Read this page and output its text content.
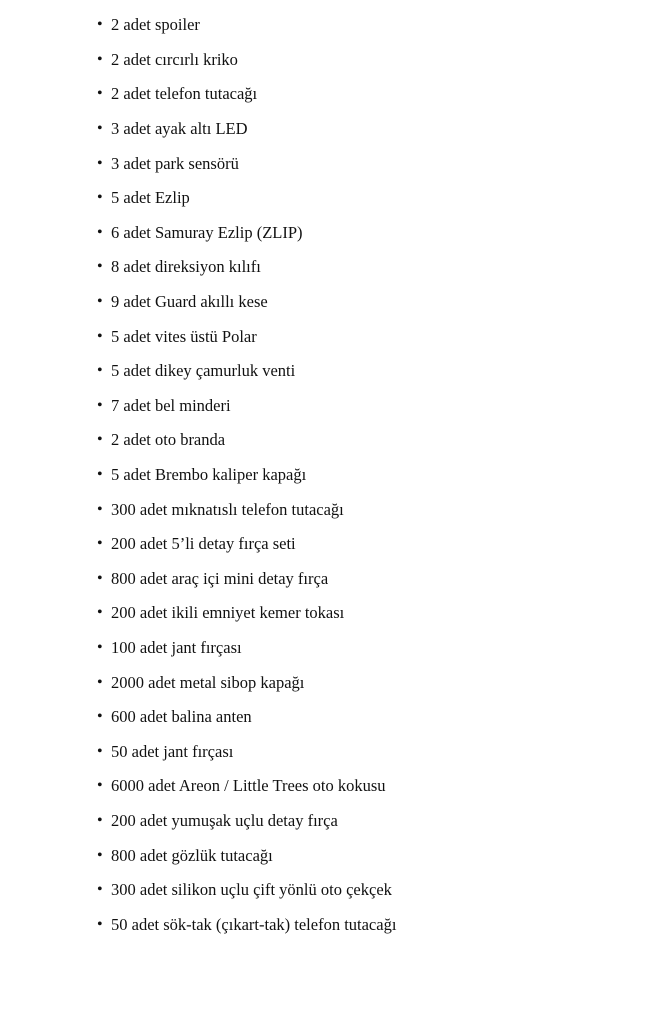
• 2 adet spoiler
• 2 adet cırcırlı kriko
• 2 adet telefon tutacağı
• 3 adet ayak altı LED
• 3 adet park sensörü
• 5 adet Ezlip
• 6 adet Samuray Ezlip (ZLIP)
• 8 adet direksiyon kılıfı
• 9 adet Guard akıllı kese
• 5 adet vites üstü Polar
• 5 adet dikey çamurluk venti
• 7 adet bel minderi
• 2 adet oto branda
• 5 adet Brembo kaliper kapağı
• 300 adet mıknatıslı telefon tutacağı
• 200 adet 5’li detay fırça seti
• 800 adet araç içi mini detay fırça
• 200 adet ikili emniyet kemer tokası
• 100 adet jant fırçası
• 2000 adet metal sibop kapağı
• 600 adet balina anten
• 50 adet jant fırçası
• 6000 adet Areon / Little Trees oto kokusu
• 200 adet yumuşak uçlu detay fırça
• 800 adet gözlük tutacağı
• 300 adet silikon uçlu çift yönlü oto çekçek
• 50 adet sök-tak (çıkart-tak) telefon tutacağı
